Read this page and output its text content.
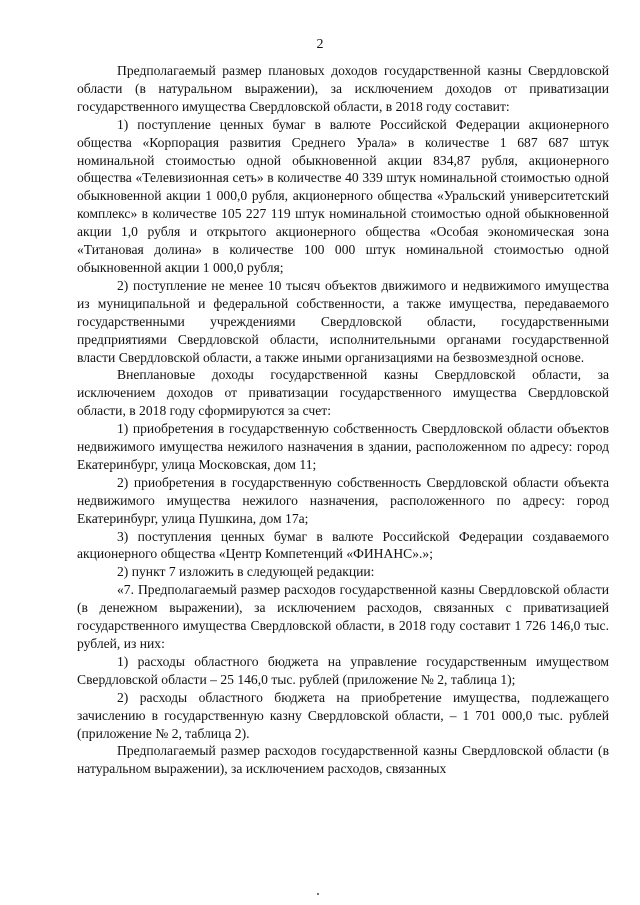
2

Предполагаемый размер плановых доходов государственной казны Свердловской области (в натуральном выражении), за исключением доходов от приватизации государственного имущества Свердловской области, в 2018 году составит:

1) поступление ценных бумаг в валюте Российской Федерации акционерного общества «Корпорация развития Среднего Урала» в количестве 1 687 687 штук номинальной стоимостью одной обыкновенной акции 834,87 рубля, акционерного общества «Телевизионная сеть» в количестве 40 339 штук номинальной стоимостью одной обыкновенной акции 1 000,0 рубля, акционерного общества «Уральский университетский комплекс» в количестве 105 227 119 штук номинальной стоимостью одной обыкновенной акции 1,0 рубля и открытого акционерного общества «Особая экономическая зона «Титановая долина» в количестве 100 000 штук номинальной стоимостью одной обыкновенной акции 1 000,0 рубля;

2) поступление не менее 10 тысяч объектов движимого и недвижимого имущества из муниципальной и федеральной собственности, а также имущества, передаваемого государственными учреждениями Свердловской области, государственными предприятиями Свердловской области, исполнительными органами государственной власти Свердловской области, а также иными организациями на безвозмездной основе.

Внеплановые доходы государственной казны Свердловской области, за исключением доходов от приватизации государственного имущества Свердловской области, в 2018 году сформируются за счет:

1) приобретения в государственную собственность Свердловской области объектов недвижимого имущества нежилого назначения в здании, расположенном по адресу: город Екатеринбург, улица Московская, дом 11;

2) приобретения в государственную собственность Свердловской области объекта недвижимого имущества нежилого назначения, расположенного по адресу: город Екатеринбург, улица Пушкина, дом 17а;

3) поступления ценных бумаг в валюте Российской Федерации создаваемого акционерного общества «Центр Компетенций «ФИНАНС».»;

2) пункт 7 изложить в следующей редакции:

«7. Предполагаемый размер расходов государственной казны Свердловской области (в денежном выражении), за исключением расходов, связанных с приватизацией государственного имущества Свердловской области, в 2018 году составит 1 726 146,0 тыс. рублей, из них:

1) расходы областного бюджета на управление государственным имуществом Свердловской области – 25 146,0 тыс. рублей (приложение № 2, таблица 1);

2) расходы областного бюджета на приобретение имущества, подлежащего зачислению в государственную казну Свердловской области, – 1 701 000,0 тыс. рублей (приложение № 2, таблица 2).

Предполагаемый размер расходов государственной казны Свердловской области (в натуральном выражении), за исключением расходов, связанных
